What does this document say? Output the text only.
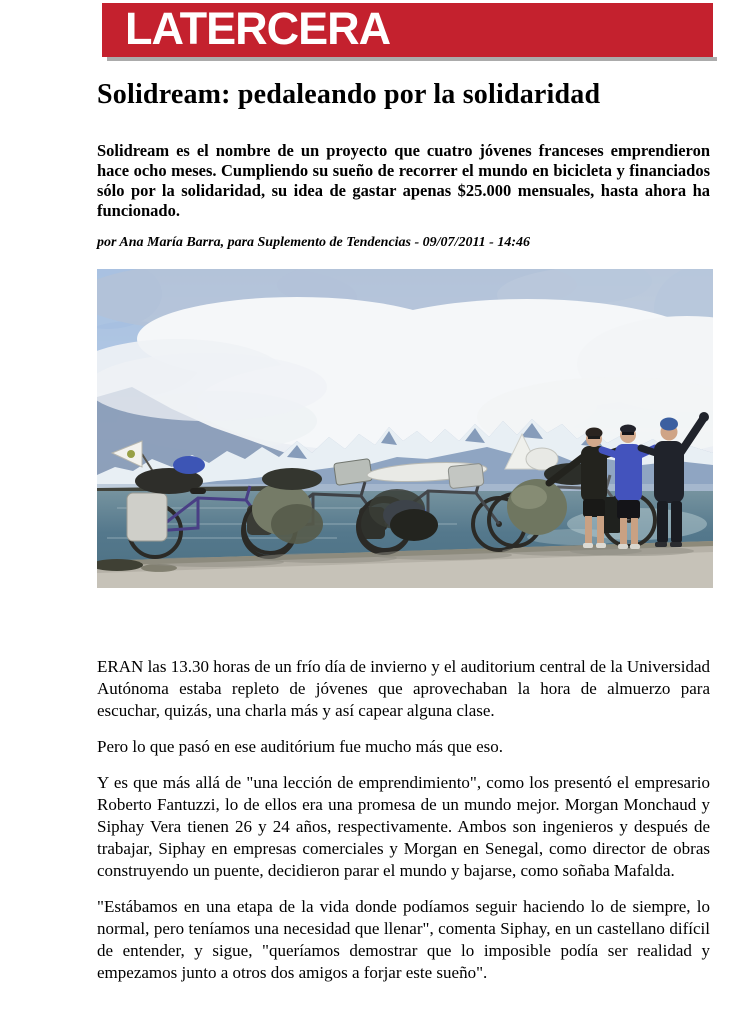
LATERCERA
Solidream: pedaleando por la solidaridad

Solidream es el nombre de un proyecto que cuatro jóvenes franceses emprendieron hace ocho meses. Cumpliendo su sueño de recorrer el mundo en bicicleta y financiados sólo por la solidaridad, su idea de gastar apenas $25.000 mensuales, hasta ahora ha funcionado.

por Ana María Barra, para Suplemento de Tendencias - 09/07/2011 - 14:46

ERAN las 13.30 horas de un frío día de invierno y el auditorium central de la Universidad Autónoma estaba repleto de jóvenes que aprovechaban la hora de almuerzo para escuchar, quizás, una charla más y así capear alguna clase.

Pero lo que pasó en ese auditórium fue mucho más que eso.

Y es que más allá de "una lección de emprendimiento", como los presentó el empresario Roberto Fantuzzi, lo de ellos era una promesa de un mundo mejor. Morgan Monchaud y Siphay Vera tienen 26 y 24 años, respectivamente. Ambos son ingenieros y después de trabajar, Siphay en empresas comerciales y Morgan en Senegal, como director de obras construyendo un puente, decidieron parar el mundo y bajarse, como soñaba Mafalda.

"Estábamos en una etapa de la vida donde podíamos seguir haciendo lo de siempre, lo normal, pero teníamos una necesidad que llenar", comenta Siphay, en un castellano difícil de entender, y sigue, "queríamos demostrar que lo imposible podía ser realidad y empezamos junto a otros dos amigos a forjar este sueño".
